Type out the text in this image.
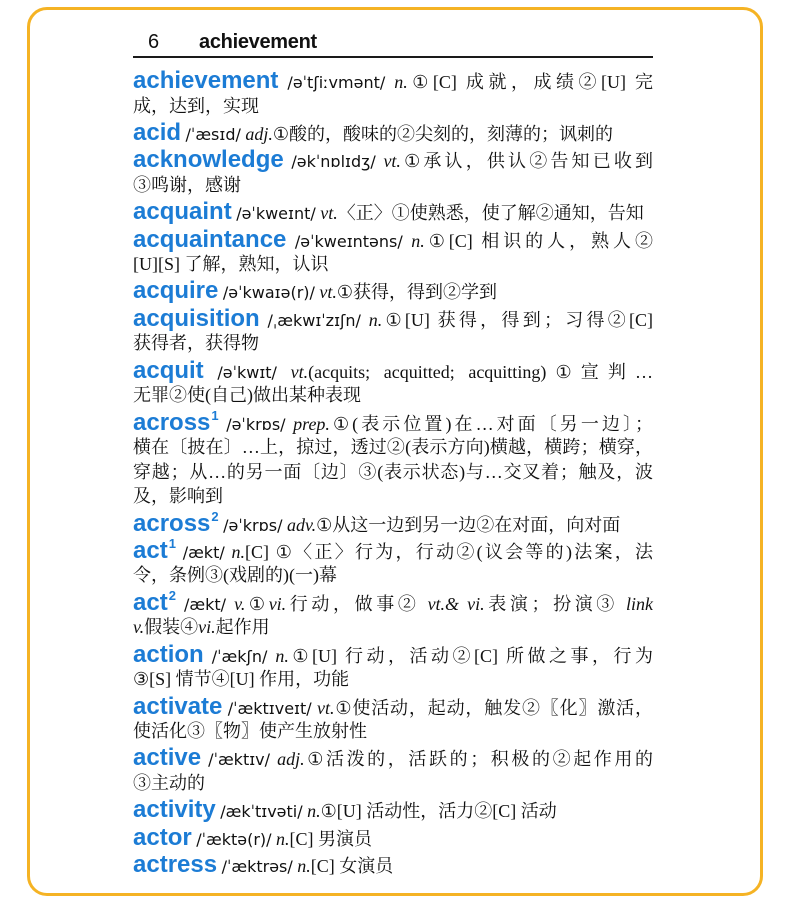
6 achievement
achievement /əˈtʃiːvmənt/ n.①[C] 成就，成绩②[U] 完
成，达到，实现
acid /ˈæsɪd/ adj.①酸的，酸味的②尖刻的，刻薄的；讽刺的
acknowledge /əkˈnɒlɪdʒ/ vt.①承认，供认②告知已收到
③鸣谢，感谢
acquaint /əˈkweɪnt/ vt.〈正〉①使熟悉，使了解②通知，告知
acquaintance /əˈkweɪntəns/ n.①[C] 相识的人，熟人②
[U][S] 了解，熟知，认识
acquire /əˈkwaɪə(r)/ vt.①获得，得到②学到
acquisition /ˌækwɪˈzɪʃn/ n.①[U] 获得，得到；习得②[C]
获得者，获得物
acquit /əˈkwɪt/ vt.(acquits; acquitted; acquitting)①宣判…
无罪②使(自己)做出某种表现
across$^1$ /əˈkrɒs/ prep.①(表示位置)在…对面〔另一边〕；
横在〔披在〕…上，掠过，透过②(表示方向)横越，横跨；横穿，
穿越；从…的另一面〔边〕③(表示状态)与…交叉着；触及，波
及，影响到
across$^2$ /əˈkrɒs/ adv.①从这一边到另一边②在对面，向对面
act$^1$ /ækt/ n.[C] ①〈正〉行为，行动②(议会等的)法案，法
令，条例③(戏剧的)(一)幕
act$^2$ /ækt/ v.①vi.行动，做事② vt.& vi.表演；扮演③ link
v.假装④vi.起作用
action /ˈækʃn/ n.①[U] 行动，活动②[C] 所做之事，行为
③[S] 情节④[U] 作用，功能
activate /ˈæktɪveɪt/ vt.①使活动，起动，触发②〖化〗激活，
使活化③〖物〗使产生放射性
active /ˈæktɪv/ adj.①活泼的，活跃的；积极的②起作用的
③主动的
activity /ækˈtɪvəti/ n.①[U] 活动性，活力②[C] 活动
actor /ˈæktə(r)/ n.[C] 男演员
actress /ˈæktrəs/ n.[C] 女演员
